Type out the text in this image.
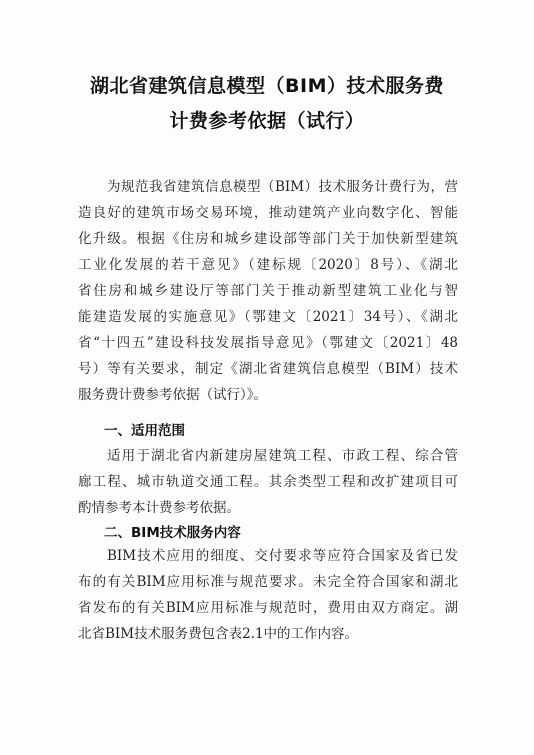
湖北省建筑信息模型（BIM）技术服务费
计费参考依据（试行）
为规范我省建筑信息模型（BIM）技术服务计费行为，营
造良好的建筑市场交易环境，推动建筑产业向数字化、智能
化升级。根据《住房和城乡建设部等部门关于加快新型建筑
工业化发展的若干意见》（建标规〔2020〕8号）、《湖北
省住房和城乡建设厅等部门关于推动新型建筑工业化与智
能建造发展的实施意见》（鄂建文〔2021〕34号）、《湖北
省“十四五”建设科技发展指导意见》（鄂建文〔2021〕48
号）等有关要求，制定《湖北省建筑信息模型（BIM）技术
服务费计费参考依据（试行）》。
一、适用范围
适用于湖北省内新建房屋建筑工程、市政工程、综合管
廊工程、城市轨道交通工程。其余类型工程和改扩建项目可
酌情参考本计费参考依据。
二、BIM技术服务内容
BIM技术应用的细度、交付要求等应符合国家及省已发
布的有关BIM应用标准与规范要求。未完全符合国家和湖北
省发布的有关BIM应用标准与规范时，费用由双方商定。湖
北省BIM技术服务费包含表2.1中的工作内容。
